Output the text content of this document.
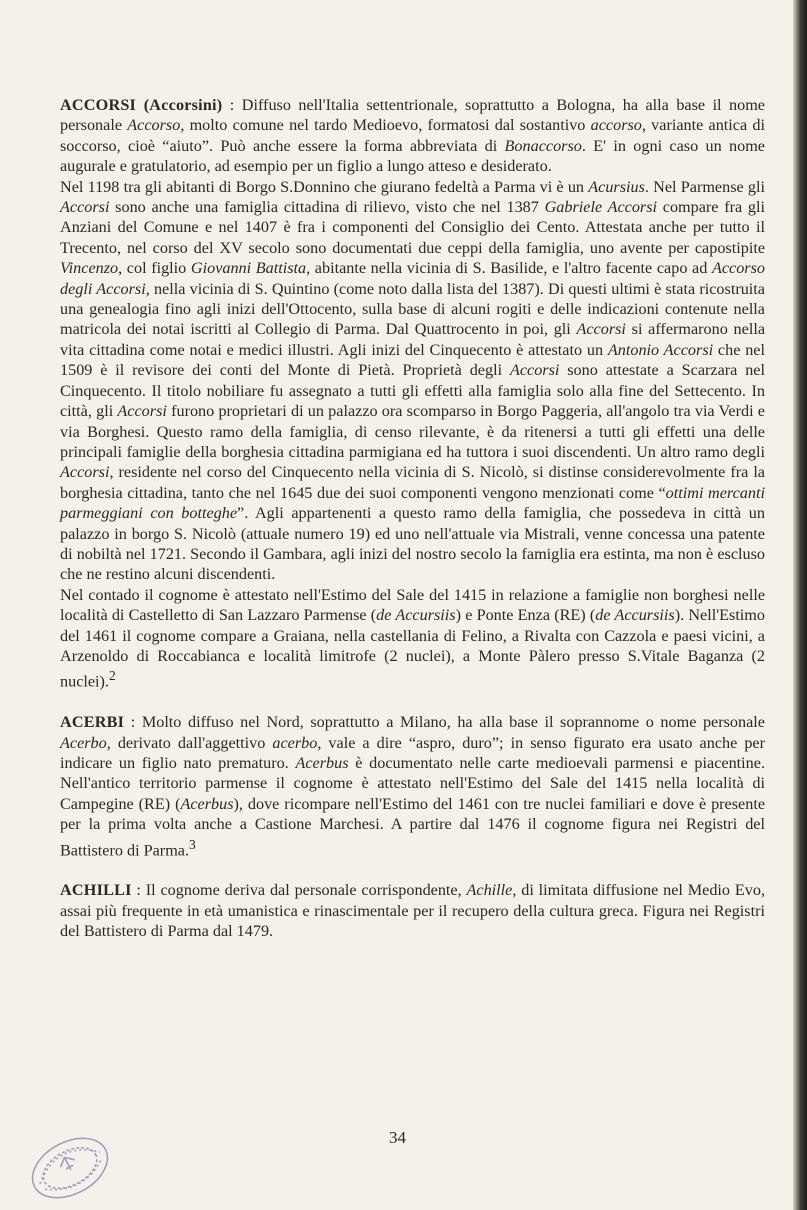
ACCORSI (Accorsini) : Diffuso nell'Italia settentrionale, soprattutto a Bologna, ha alla base il nome personale Accorso, molto comune nel tardo Medioevo, formatosi dal sostantivo accorso, variante antica di soccorso, cioè “aiuto”. Può anche essere la forma abbreviata di Bonaccorso. E' in ogni caso un nome augurale e gratulatorio, ad esempio per un figlio a lungo atteso e desiderato.

Nel 1198 tra gli abitanti di Borgo S.Donnino che giurano fedeltà a Parma vi è un Acursius. Nel Parmense gli Accorsi sono anche una famiglia cittadina di rilievo, visto che nel 1387 Gabriele Accorsi compare fra gli Anziani del Comune e nel 1407 è fra i componenti del Consiglio dei Cento. Attestata anche per tutto il Trecento, nel corso del XV secolo sono documentati due ceppi della famiglia, uno avente per capostipite Vincenzo, col figlio Giovanni Battista, abitante nella vicinia di S. Basilide, e l'altro facente capo ad Accorso degli Accorsi, nella vicinia di S. Quintino (come noto dalla lista del 1387). Di questi ultimi è stata ricostruita una genealogia fino agli inizi dell'Ottocento, sulla base di alcuni rogiti e delle indicazioni contenute nella matricola dei notai iscritti al Collegio di Parma. Dal Quattrocento in poi, gli Accorsi si affermarono nella vita cittadina come notai e medici illustri. Agli inizi del Cinquecento è attestato un Antonio Accorsi che nel 1509 è il revisore dei conti del Monte di Pietà. Proprietà degli Accorsi sono attestate a Scarzara nel Cinquecento. Il titolo nobiliare fu assegnato a tutti gli effetti alla famiglia solo alla fine del Settecento. In città, gli Accorsi furono proprietari di un palazzo ora scomparso in Borgo Paggeria, all'angolo tra via Verdi e via Borghesi. Questo ramo della famiglia, di censo rilevante, è da ritenersi a tutti gli effetti una delle principali famiglie della borghesia cittadina parmigiana ed ha tuttora i suoi discendenti. Un altro ramo degli Accorsi, residente nel corso del Cinquecento nella vicinia di S. Nicolò, si distinse considerevolmente fra la borghesia cittadina, tanto che nel 1645 due dei suoi componenti vengono menzionati come “ottimi mercanti parmeggiani con botteghe”. Agli appartenenti a questo ramo della famiglia, che possedeva in città un palazzo in borgo S. Nicolò (attuale numero 19) ed uno nell'attuale via Mistrali, venne concessa una patente di nobiltà nel 1721. Secondo il Gambara, agli inizi del nostro secolo la famiglia era estinta, ma non è escluso che ne restino alcuni discendenti.

Nel contado il cognome è attestato nell'Estimo del Sale del 1415 in relazione a famiglie non borghesi nelle località di Castelletto di San Lazzaro Parmense (de Accursiis) e Ponte Enza (RE) (de Accursiis). Nell'Estimo del 1461 il cognome compare a Graiana, nella castellania di Felino, a Rivalta con Cazzola e paesi vicini, a Arzenoldo di Roccabianca e località limitrofe (2 nuclei), a Monte Pàlero presso S.Vitale Baganza (2 nuclei).$^2$

ACERBI : Molto diffuso nel Nord, soprattutto a Milano, ha alla base il soprannome o nome personale Acerbo, derivato dall'aggettivo acerbo, vale a dire “aspro, duro”; in senso figurato era usato anche per indicare un figlio nato prematuro. Acerbus è documentato nelle carte medioevali parmensi e piacentine. Nell'antico territorio parmense il cognome è attestato nell'Estimo del Sale del 1415 nella località di Campegine (RE) (Acerbus), dove ricompare nell'Estimo del 1461 con tre nuclei familiari e dove è presente per la prima volta anche a Castione Marchesi. A partire dal 1476 il cognome figura nei Registri del Battistero di Parma.$^3$

ACHILLI : Il cognome deriva dal personale corrispondente, Achille, di limitata diffusione nel Medio Evo, assai più frequente in età umanistica e rinascimentale per il recupero della cultura greca. Figura nei Registri del Battistero di Parma dal 1479.

34
